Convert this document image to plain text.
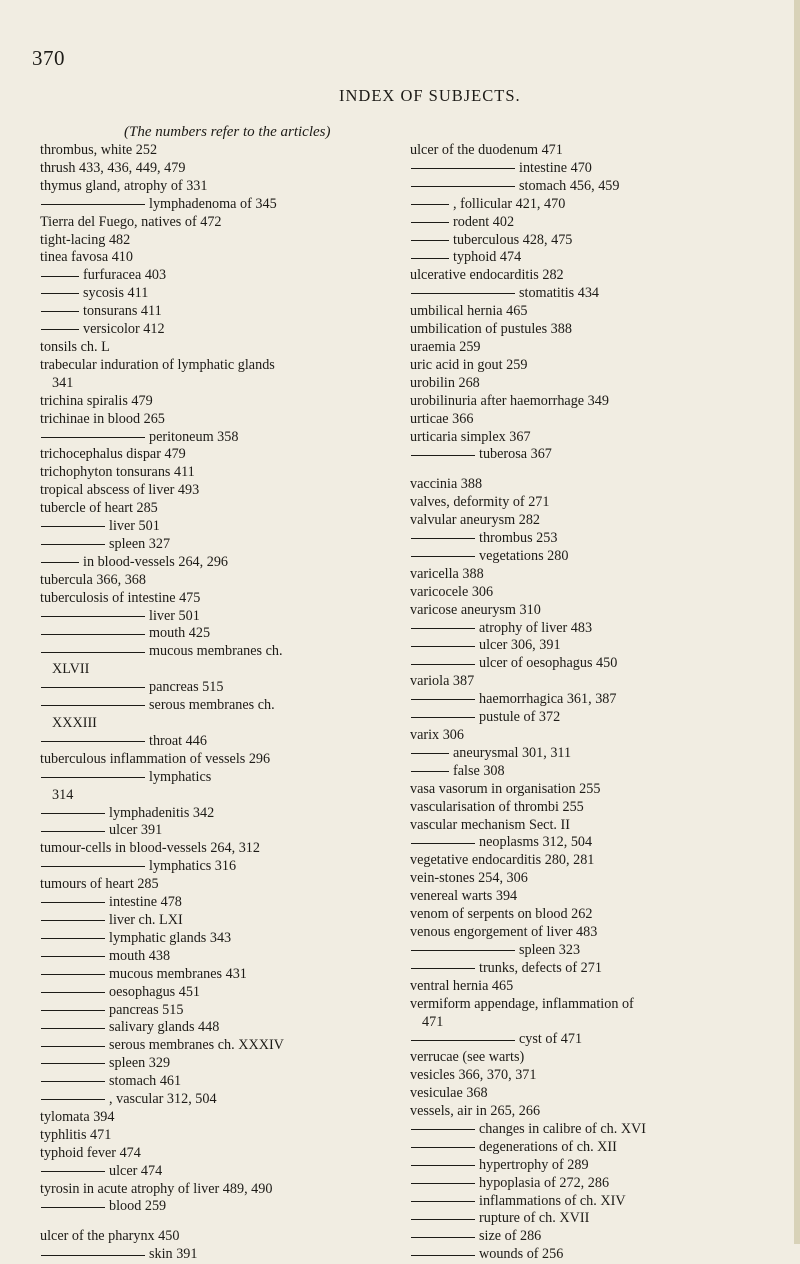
370
INDEX OF SUBJECTS.
(The numbers refer to the articles)
thrombus, white 252
thrush 433, 436, 449, 479
thymus gland, atrophy of 331
lymphadenoma of 345
Tierra del Fuego, natives of 472
tight-lacing 482
tinea favosa 410
furfuracea 403
sycosis 411
tonsurans 411
versicolor 412
tonsils ch. L
trabecular induration of lymphatic glands
341
trichina spiralis 479
trichinae in blood 265
peritoneum 358
trichocephalus dispar 479
trichophyton tonsurans 411
tropical abscess of liver 493
tubercle of heart 285
liver 501
spleen 327
in blood-vessels 264, 296
tubercula 366, 368
tuberculosis of intestine 475
liver 501
mouth 425
mucous membranes ch.
XLVII
pancreas 515
serous membranes ch.
XXXIII
throat 446
tuberculous inflammation of vessels 296
lymphatics
314
lymphadenitis 342
ulcer 391
tumour-cells in blood-vessels 264, 312
lymphatics 316
tumours of heart 285
intestine 478
liver ch. LXI
lymphatic glands 343
mouth 438
mucous membranes 431
oesophagus 451
pancreas 515
salivary glands 448
serous membranes ch. XXXIV
spleen 329
stomach 461
, vascular 312, 504
tylomata 394
typhlitis 471
typhoid fever 474
ulcer 474
tyrosin in acute atrophy of liver 489, 490
blood 259
ulcer of the pharynx 450
skin 391
ulcer of the duodenum 471
intestine 470
stomach 456, 459
, follicular 421, 470
rodent 402
tuberculous 428, 475
typhoid 474
ulcerative endocarditis 282
stomatitis 434
umbilical hernia 465
umbilication of pustules 388
uraemia 259
uric acid in gout 259
urobilin 268
urobilinuria after haemorrhage 349
urticae 366
urticaria simplex 367
tuberosa 367
vaccinia 388
valves, deformity of 271
valvular aneurysm 282
thrombus 253
vegetations 280
varicella 388
varicocele 306
varicose aneurysm 310
atrophy of liver 483
ulcer 306, 391
ulcer of oesophagus 450
variola 387
haemorrhagica 361, 387
pustule of 372
varix 306
aneurysmal 301, 311
false 308
vasa vasorum in organisation 255
vascularisation of thrombi 255
vascular mechanism Sect. II
neoplasms 312, 504
vegetative endocarditis 280, 281
vein-stones 254, 306
venereal warts 394
venom of serpents on blood 262
venous engorgement of liver 483
spleen 323
trunks, defects of 271
ventral hernia 465
vermiform appendage, inflammation of
471
cyst of 471
verrucae (see warts)
vesicles 366, 370, 371
vesiculae 368
vessels, air in 265, 266
changes in calibre of ch. XVI
degenerations of ch. XII
hypertrophy of 289
hypoplasia of 272, 286
inflammations of ch. XIV
rupture of ch. XVII
size of 286
wounds of 256
